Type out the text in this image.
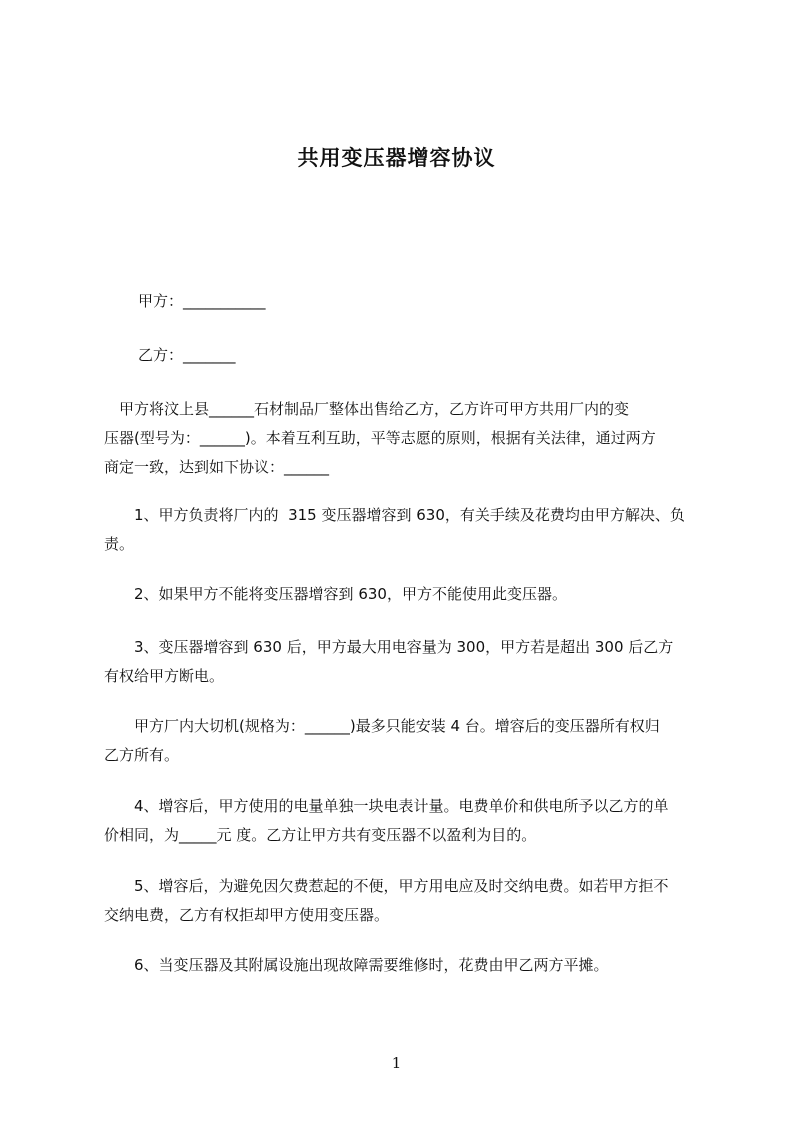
共用变压器增容协议
甲方：___________
乙方：_______
　甲方将汶上县______石材制品厂整体出售给乙方，乙方许可甲方共用厂内的变
压器(型号为：______)。本着互利互助，平等志愿的原则，根据有关法律，通过两方
商定一致，达到如下协议：______
　　1、甲方负责将厂内的  315 变压器增容到 630，有关手续及花费均由甲方解决、负
责。
　　2、如果甲方不能将变压器增容到 630，甲方不能使用此变压器。
　　3、变压器增容到 630 后，甲方最大用电容量为 300，甲方若是超出 300 后乙方
有权给甲方断电。
　　甲方厂内大切机(规格为：______)最多只能安装 4 台。增容后的变压器所有权归
乙方所有。
　　4、增容后，甲方使用的电量单独一块电表计量。电费单价和供电所予以乙方的单
价相同，为_____元 度。乙方让甲方共有变压器不以盈利为目的。
　　5、增容后，为避免因欠费惹起的不便，甲方用电应及时交纳电费。如若甲方拒不
交纳电费，乙方有权拒却甲方使用变压器。
　　6、当变压器及其附属设施出现故障需要维修时，花费由甲乙两方平摊。
1
